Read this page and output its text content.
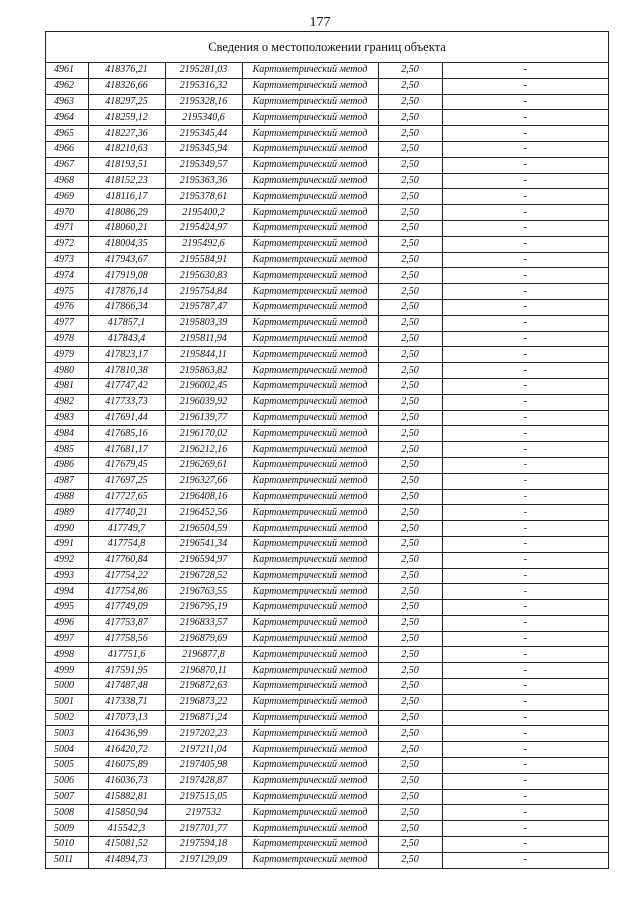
177
Сведения о местоположении границ объекта
4961	418376,21	2195281,03	Картометрический метод	2,50	-
4962	418326,66	2195316,32	Картометрический метод	2,50	-
4963	418297,25	2195328,16	Картометрический метод	2,50	-
4964	418259,12	2195340,6	Картометрический метод	2,50	-
4965	418227,36	2195345,44	Картометрический метод	2,50	-
4966	418210,63	2195345,94	Картометрический метод	2,50	-
4967	418193,51	2195349,57	Картометрический метод	2,50	-
4968	418152,23	2195363,36	Картометрический метод	2,50	-
4969	418116,17	2195378,61	Картометрический метод	2,50	-
4970	418086,29	2195400,2	Картометрический метод	2,50	-
4971	418060,21	2195424,97	Картометрический метод	2,50	-
4972	418004,35	2195492,6	Картометрический метод	2,50	-
4973	417943,67	2195584,91	Картометрический метод	2,50	-
4974	417919,08	2195630,83	Картометрический метод	2,50	-
4975	417876,14	2195754,84	Картометрический метод	2,50	-
4976	417866,34	2195787,47	Картометрический метод	2,50	-
4977	417857,1	2195803,39	Картометрический метод	2,50	-
4978	417843,4	2195811,94	Картометрический метод	2,50	-
4979	417823,17	2195844,11	Картометрический метод	2,50	-
4980	417810,38	2195863,82	Картометрический метод	2,50	-
4981	417747,42	2196002,45	Картометрический метод	2,50	-
4982	417733,73	2196039,92	Картометрический метод	2,50	-
4983	417691,44	2196139,77	Картометрический метод	2,50	-
4984	417685,16	2196170,02	Картометрический метод	2,50	-
4985	417681,17	2196212,16	Картометрический метод	2,50	-
4986	417679,45	2196269,61	Картометрический метод	2,50	-
4987	417697,25	2196327,66	Картометрический метод	2,50	-
4988	417727,65	2196408,16	Картометрический метод	2,50	-
4989	417740,21	2196452,56	Картометрический метод	2,50	-
4990	417749,7	2196504,59	Картометрический метод	2,50	-
4991	417754,8	2196541,34	Картометрический метод	2,50	-
4992	417760,84	2196594,97	Картометрический метод	2,50	-
4993	417754,22	2196728,52	Картометрический метод	2,50	-
4994	417754,86	2196763,55	Картометрический метод	2,50	-
4995	417749,09	2196795,19	Картометрический метод	2,50	-
4996	417753,87	2196833,57	Картометрический метод	2,50	-
4997	417758,56	2196879,69	Картометрический метод	2,50	-
4998	417751,6	2196877,8	Картометрический метод	2,50	-
4999	417591,95	2196870,11	Картометрический метод	2,50	-
5000	417487,48	2196872,63	Картометрический метод	2,50	-
5001	417338,71	2196873,22	Картометрический метод	2,50	-
5002	417073,13	2196871,24	Картометрический метод	2,50	-
5003	416436,99	2197202,23	Картометрический метод	2,50	-
5004	416420,72	2197211,04	Картометрический метод	2,50	-
5005	416075,89	2197405,98	Картометрический метод	2,50	-
5006	416036,73	2197428,87	Картометрический метод	2,50	-
5007	415882,81	2197515,05	Картометрический метод	2,50	-
5008	415850,94	2197532	Картометрический метод	2,50	-
5009	415542,3	2197701,77	Картометрический метод	2,50	-
5010	415081,52	2197594,18	Картометрический метод	2,50	-
5011	414894,73	2197129,09	Картометрический метод	2,50	-
